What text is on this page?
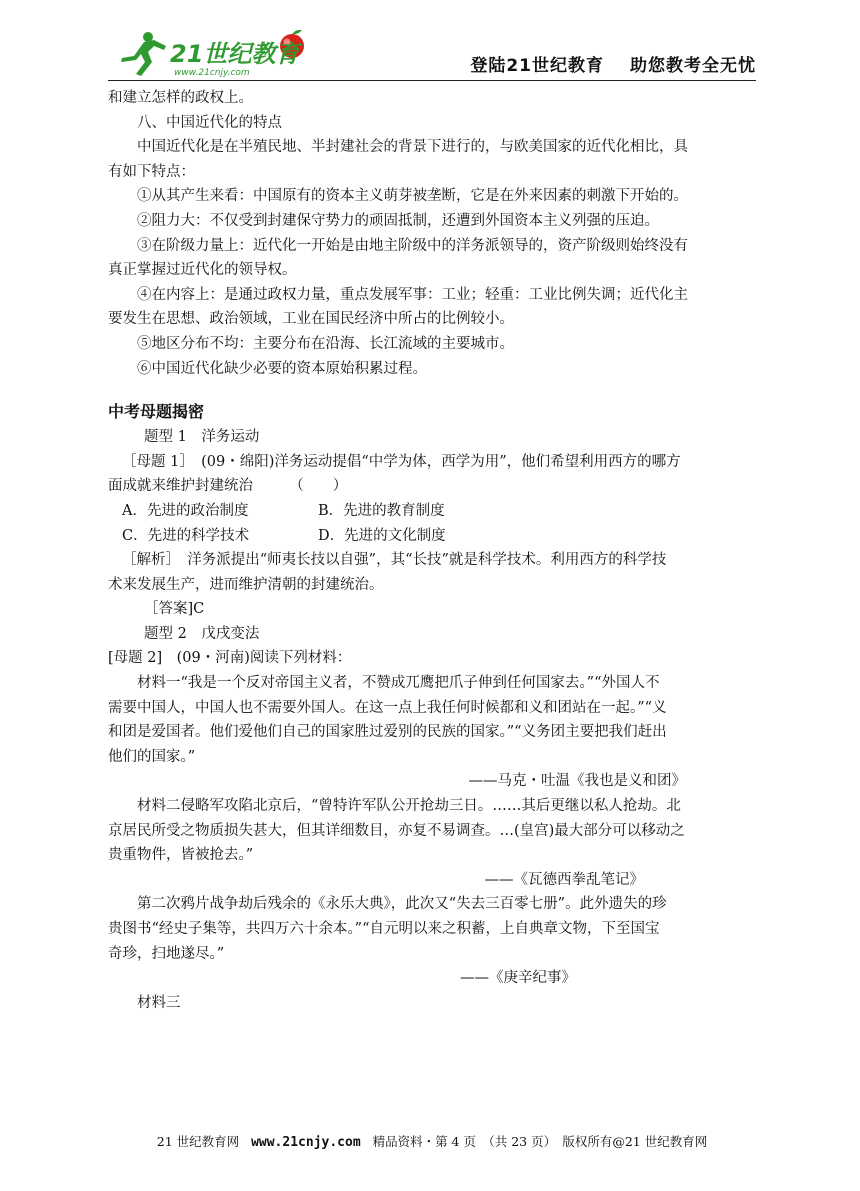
21世纪教育
www.21cnjy.com	登陆21世纪教育 助您教考全无忧

和建立怎样的政权上。

八、中国近代化的特点

中国近代化是在半殖民地、半封建社会的背景下进行的，与欧美国家的近代化相比，具

有如下特点：

①从其产生来看：中国原有的资本主义萌芽被垄断，它是在外来因素的刺激下开始的。

②阻力大：不仅受到封建保守势力的顽固抵制，还遭到外国资本主义列强的压迫。

③在阶级力量上：近代化一开始是由地主阶级中的洋务派领导的，资产阶级则始终没有

真正掌握过近代化的领导权。

④在内容上：是通过政权力量，重点发展军事：工业；轻重：工业比例失调；近代化主

要发生在思想、政治领域，工业在国民经济中所占的比例较小。

⑤地区分布不均：主要分布在沿海、长江流域的主要城市。

⑥中国近代化缺少必要的资本原始积累过程。

中考母题揭密

题型 1　洋务运动

［母题 1］　(09・绵阳)洋务运动提倡“中学为体，西学为用”，他们希望利用西方的哪方

面成就来维护封建统治　　　（　　）

A．先进的政治制度	B．先进的教育制度

C．先进的科学技术	D．先进的文化制度

［解析］　洋务派提出“师夷长技以自强”，其“长技”就是科学技术。利用西方的科学技

术来发展生产，进而维护清朝的封建统治。

［答案]C

题型 2　戊戌变法

[母题 2]　(09・河南)阅读下列材料：

材料一“我是一个反对帝国主义者，不赞成兀鹰把爪子伸到任何国家去。”“外国人不

需要中国人，中国人也不需要外国人。在这一点上我任何时候都和义和团站在一起。”“义

和团是爱国者。他们爱他们自己的国家胜过爱别的民族的国家。”“义务团主要把我们赶出

他们的国家。”

——马克・吐温《我也是义和团》

材料二侵略军攻陷北京后，“曾特许军队公开抢劫三日。……其后更继以私人抢劫。北

京居民所受之物质损失甚大，但其详细数目，亦复不易调查。…(皇宫)最大部分可以移动之

贵重物件，皆被抢去。”

——《瓦德西拳乱笔记》

第二次鸦片战争劫后残余的《永乐大典》，此次又“失去三百零七册”。此外遗失的珍

贵图书“经史子集等，共四万六十余本。”“自元明以来之积蓄，上自典章文物，下至国宝

奇珍，扫地遂尽。”

——《庚辛纪事》

材料三

21 世纪教育网 www.21cnjy.com 精品资料・第 4 页　（共 23 页）　版权所有@21 世纪教育网
